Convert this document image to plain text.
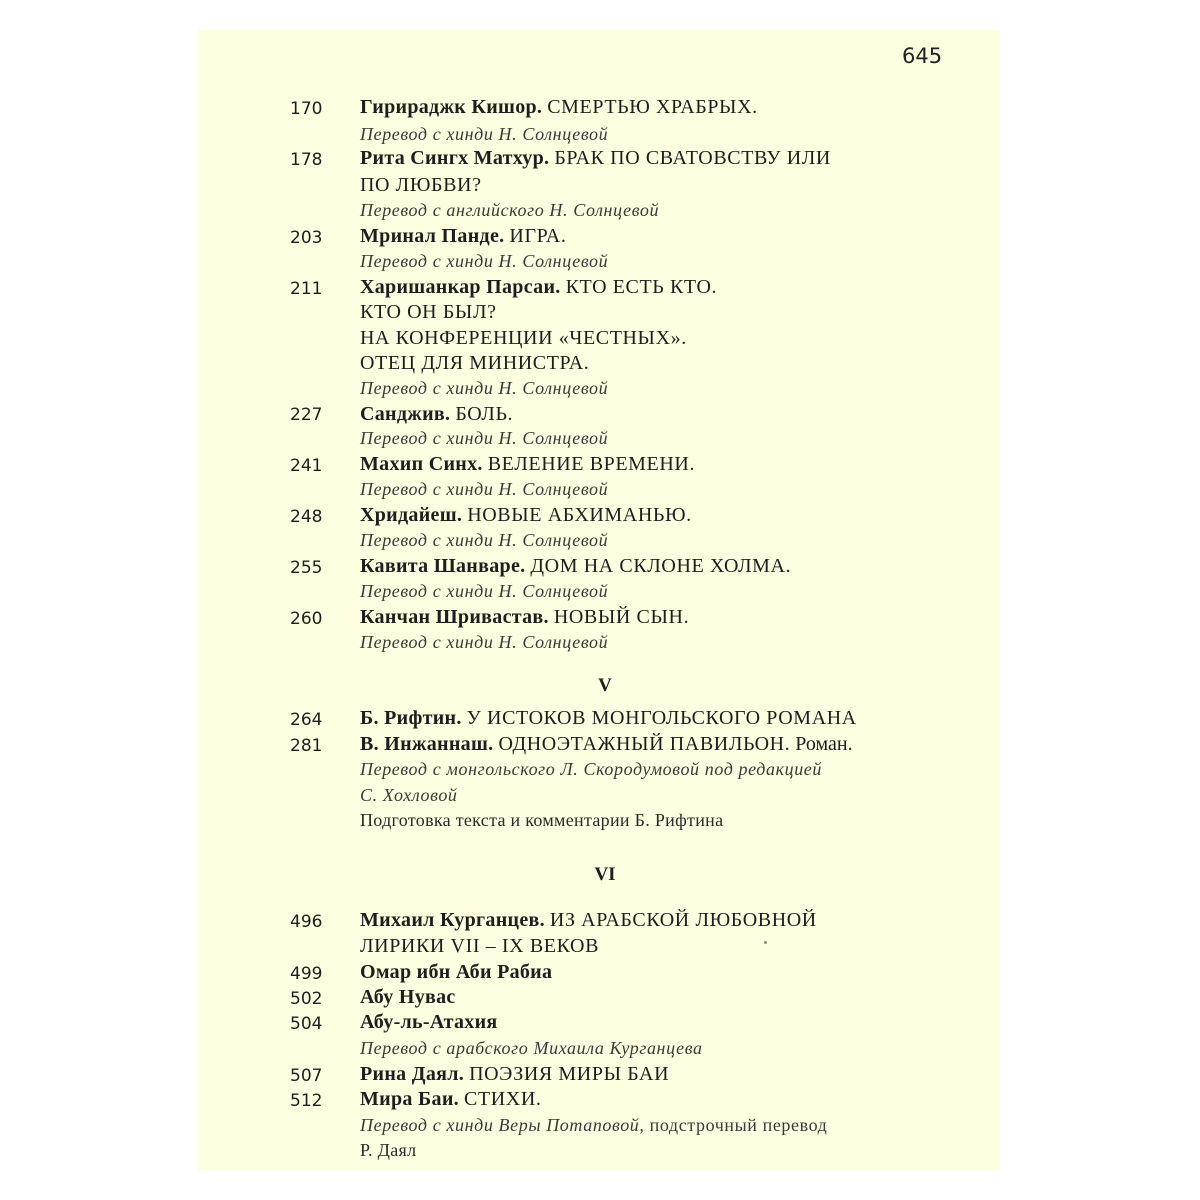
645
170	Гирираджк Кишор. СМЕРТЬЮ ХРАБРЫХ.
Перевод с хинди Н. Солнцевой
178	Рита Сингх Матхур. БРАК ПО СВАТОВСТВУ ИЛИ
ПО ЛЮБВИ?
Перевод с английского Н. Солнцевой
203	Мринал Панде. ИГРА.
Перевод с хинди Н. Солнцевой
211	Харишанкар Парсаи. КТО ЕСТЬ КТО.
КТО ОН БЫЛ?
НА КОНФЕРЕНЦИИ «ЧЕСТНЫХ».
ОТЕЦ ДЛЯ МИНИСТРА.
Перевод с хинди Н. Солнцевой
227	Санджив. БОЛЬ.
Перевод с хинди Н. Солнцевой
241	Махип Синх. ВЕЛЕНИЕ ВРЕМЕНИ.
Перевод с хинди Н. Солнцевой
248	Хридайеш. НОВЫЕ АБХИМАНЬЮ.
Перевод с хинди Н. Солнцевой
255	Кавита Шанваре. ДОМ НА СКЛОНЕ ХОЛМА.
Перевод с хинди Н. Солнцевой
260	Канчан Шривастав. НОВЫЙ СЫН.
Перевод с хинди Н. Солнцевой
V
264	Б. Рифтин. У ИСТОКОВ МОНГОЛЬСКОГО РОМАНА
281	В. Инжаннаш. ОДНОЭТАЖНЫЙ ПАВИЛЬОН. Роман.
Перевод с монгольского Л. Скородумовой под редакцией
С. Хохловой
Подготовка текста и комментарии Б. Рифтина
VI
496	Михаил Курганцев. ИЗ АРАБСКОЙ ЛЮБОВНОЙ
ЛИРИКИ VII – IX ВЕКОВ
499	Омар ибн Аби Рабиа
502	Абу Нувас
504	Абу-ль-Атахия
Перевод с арабского Михаила Курганцева
507	Рина Даял. ПОЭЗИЯ МИРЫ БАИ
512	Мира Баи. СТИХИ.
Перевод с хинди Веры Потаповой, подстрочный перевод
Р. Даял
